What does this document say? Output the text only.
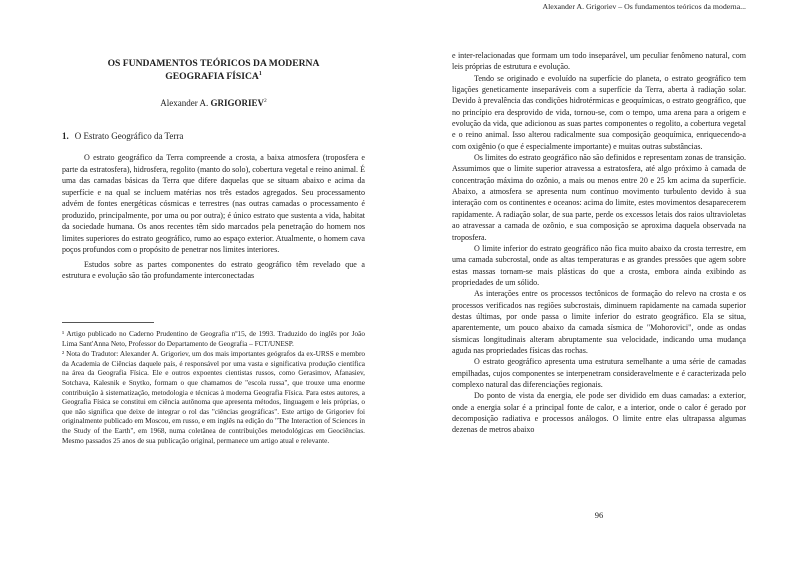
OS FUNDAMENTOS TEÓRICOS DA MODERNA
GEOGRAFIA FÍSICA$^1$
Alexander A. GRIGORIEV$^2$
1. O Estrato Geográfico da Terra

O estrato geográfico da Terra compreende a crosta, a baixa atmosfera (troposfera e parte da estratosfera), hidrosfera, regolito (manto do solo), cobertura vegetal e reino animal. É uma das camadas básicas da Terra que difere daquelas que se situam abaixo e acima da superfície e na qual se incluem matérias nos três estados agregados. Seu processamento advém de fontes energéticas cósmicas e terrestres (nas outras camadas o processamento é produzido, principalmente, por uma ou por outra); é único estrato que sustenta a vida, habitat da sociedade humana. Os anos recentes têm sido marcados pela penetração do homem nos limites superiores do estrato geográfico, rumo ao espaço exterior. Atualmente, o homem cava poços profundos com o propósito de penetrar nos limites interiores.

Estudos sobre as partes componentes do estrato geográfico têm revelado que a estrutura e evolução são tão profundamente interconectadas

¹ Artigo publicado no Caderno Prudentino de Geografia nº15, de 1993. Traduzido do inglês por João Lima Sant'Anna Neto, Professor do Departamento de Geografia – FCT/UNESP.

² Nota do Tradutor: Alexander A. Grigoriev, um dos mais importantes geógrafos da ex-URSS e membro da Academia de Ciências daquele país, é responsável por uma vasta e significativa produção científica na área da Geografia Física. Ele e outros expoentes cientistas russos, como Gerasimov, Afanasiev, Sotchava, Kalesnik e Snytko, formam o que chamamos de "escola russa", que trouxe uma enorme contribuição à sistematização, metodologia e técnicas à moderna Geografia Física. Para estes autores, a Geografia Física se constitui em ciência autônoma que apresenta métodos, linguagem e leis próprias, o que não significa que deixe de integrar o rol das "ciências geográficas". Este artigo de Grigoriev foi originalmente publicado em Moscou, em russo, e em inglês na edição do "The Interaction of Sciences in the Study of the Earth", em 1968, numa coletânea de contribuições metodológicas em Geociências. Mesmo passados 25 anos de sua publicação original, permanece um artigo atual e relevante.

Alexander A. Grigoriev – Os fundamentos teóricos da moderna...

e inter-relacionadas que formam um todo inseparável, um peculiar fenômeno natural, com leis próprias de estrutura e evolução.

Tendo se originado e evoluído na superfície do planeta, o estrato geográfico tem ligações geneticamente inseparáveis com a superfície da Terra, aberta à radiação solar. Devido à prevalência das condições hidrotérmicas e geoquímicas, o estrato geográfico, que no princípio era desprovido de vida, tornou-se, com o tempo, uma arena para a origem e evolução da vida, que adicionou as suas partes componentes o regolito, a cobertura vegetal e o reino animal. Isso alterou radicalmente sua composição geoquímica, enriquecendo-a com oxigênio (o que é especialmente importante) e muitas outras substâncias.

Os limites do estrato geográfico não são definidos e representam zonas de transição. Assumimos que o limite superior atravessa a estratosfera, até algo próximo à camada de concentração máxima do ozônio, a mais ou menos entre 20 e 25 km acima da superfície. Abaixo, a atmosfera se apresenta num contínuo movimento turbulento devido à sua interação com os continentes e oceanos: acima do limite, estes movimentos desaparecerem rapidamente. A radiação solar, de sua parte, perde os excessos letais dos raios ultravioletas ao atravessar a camada de ozônio, e sua composição se aproxima daquela observada na troposfera.

O limite inferior do estrato geográfico não fica muito abaixo da crosta terrestre, em uma camada subcrostal, onde as altas temperaturas e as grandes pressões que agem sobre estas massas tornam-se mais plásticas do que a crosta, embora ainda exibindo as propriedades de um sólido.

As interações entre os processos tectônicos de formação do relevo na crosta e os processos verificados nas regiões subcrostais, diminuem rapidamente na camada superior destas últimas, por onde passa o limite inferior do estrato geográfico. Ela se situa, aparentemente, um pouco abaixo da camada sísmica de "Mohorovici", onde as ondas sísmicas longitudinais alteram abruptamente sua velocidade, indicando uma mudança aguda nas propriedades físicas das rochas.

O estrato geográfico apresenta uma estrutura semelhante a uma série de camadas empilhadas, cujos componentes se interpenetram consideravelmente e é caracterizada pelo complexo natural das diferenciações regionais.

Do ponto de vista da energia, ele pode ser dividido em duas camadas: a exterior, onde a energia solar é a principal fonte de calor, e a interior, onde o calor é gerado por decomposição radiativa e processos análogos. O limite entre elas ultrapassa algumas dezenas de metros abaixo

96
